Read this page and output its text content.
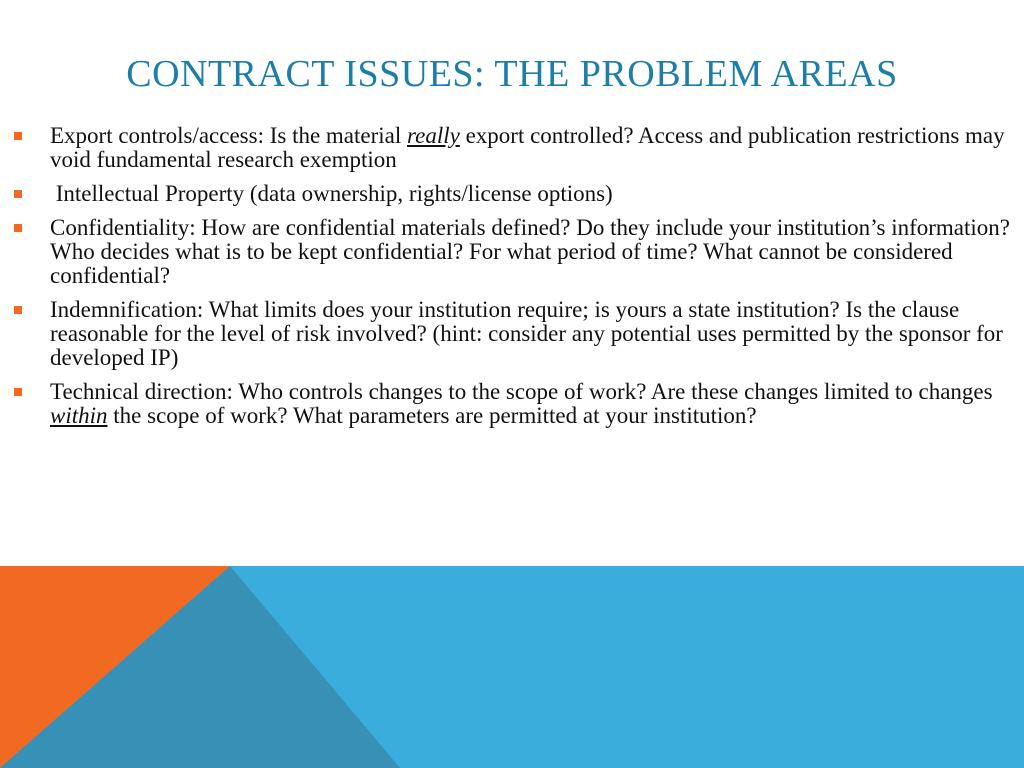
CONTRACT ISSUES: THE PROBLEM AREAS
Export controls/access: Is the material really export controlled? Access and publication restrictions may void fundamental research exemption
Intellectual Property (data ownership, rights/license options)
Confidentiality: How are confidential materials defined? Do they include your institution’s information? Who decides what is to be kept confidential? For what period of time? What cannot be considered confidential?
Indemnification: What limits does your institution require; is yours a state institution? Is the clause reasonable for the level of risk involved? (hint: consider any potential uses permitted by the sponsor for developed IP)
Technical direction: Who controls changes to the scope of work? Are these changes limited to changes within the scope of work? What parameters are permitted at your institution?
